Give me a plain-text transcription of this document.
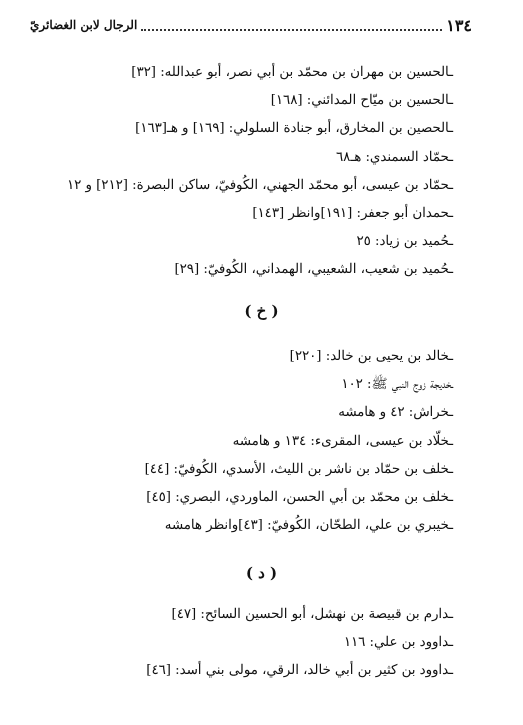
١٣٤
الرجال لابن الغضائريّ
ـالحسين بن مهران بن محمّد بن أبي نصر، أبو عبدالله: [٣٢]
ـالحسين بن ميّاح المدائني: [١٦٨]
ـالحصين بن المخارق، أبو جنادة السلولي: [١٦٩] و هـ[١٦٣]
ـحمّاد السمندي: هـ٦٨
ـحمّاد بن عيسى، أبو محمّد الجهني، الكُوفيّ، ساكن البصرة: [٢١٢] و ١٢
ـحمدان أبو جعفر: [١٩١]وانظر [١٤٣]
ـحُميد بن زياد: ٢٥
ـحُميد بن شعيب، الشعيبي، الهمداني، الكُوفيّ: [٢٩]
( خ )
ـخالد بن يحيى بن خالد: [٢٢٠]
ـخديجة زوج النبي ﷺ: ١٠٢
ـخراش: ٤٢ و هامشه
ـخلّاد بن عيسى، المقرىء: ١٣٤ و هامشه
ـخلف بن حمّاد بن ناشر بن الليث، الأسدي، الكُوفيّ: [٤٤]
ـخلف بن محمّد بن أبي الحسن، الماوردي، البصري: [٤٥]
ـخيبري بن علي، الطحّان، الكُوفيّ: [٤٣]وانظر هامشه
( د )
ـدارم بن قبيصة بن نهشل، أبو الحسين السائح: [٤٧]
ـداوود بن علي: ١١٦
ـداوود بن كثير بن أبي خالد، الرقي، مولى بني أسد: [٤٦]
